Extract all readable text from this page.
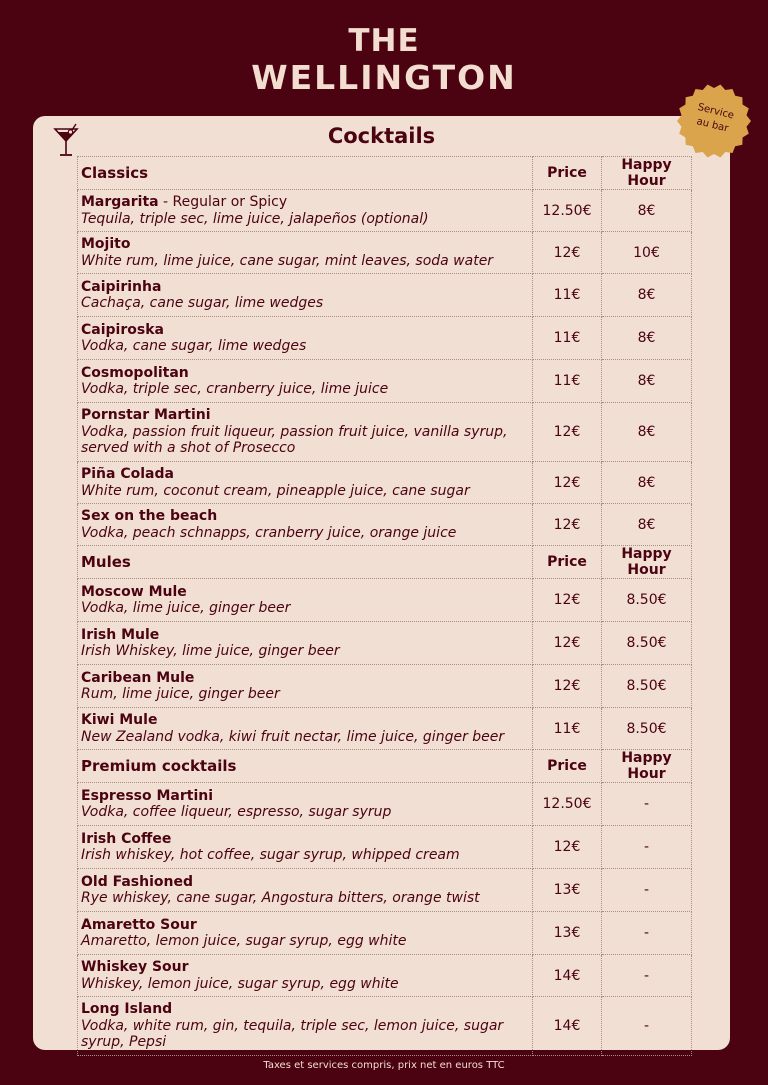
THE
WELLINGTON
Service
au bar
Cocktails
Classics	Price	Happy Hour
Margarita - Regular or Spicy
Tequila, triple sec, lime juice, jalapeños (optional)	12.50€	8€
Mojito
White rum, lime juice, cane sugar, mint leaves, soda water	12€	10€
Caipirinha
Cachaça, cane sugar, lime wedges	11€	8€
Caipiroska
Vodka, cane sugar, lime wedges	11€	8€
Cosmopolitan
Vodka, triple sec, cranberry juice, lime juice	11€	8€
Pornstar Martini
Vodka, passion fruit liqueur, passion fruit juice, vanilla syrup, served with a shot of Prosecco	12€	8€
Piña Colada
White rum, coconut cream, pineapple juice, cane sugar	12€	8€
Sex on the beach
Vodka, peach schnapps, cranberry juice, orange juice	12€	8€
Mules	Price	Happy Hour
Moscow Mule
Vodka, lime juice, ginger beer	12€	8.50€
Irish Mule
Irish Whiskey, lime juice, ginger beer	12€	8.50€
Caribean Mule
Rum, lime juice, ginger beer	12€	8.50€
Kiwi Mule
New Zealand vodka, kiwi fruit nectar, lime juice, ginger beer	11€	8.50€
Premium cocktails	Price	Happy Hour
Espresso Martini
Vodka, coffee liqueur, espresso, sugar syrup	12.50€	-
Irish Coffee
Irish whiskey, hot coffee, sugar syrup, whipped cream	12€	-
Old Fashioned
Rye whiskey, cane sugar, Angostura bitters, orange twist	13€	-
Amaretto Sour
Amaretto, lemon juice, sugar syrup, egg white	13€	-
Whiskey Sour
Whiskey, lemon juice, sugar syrup, egg white	14€	-
Long Island
Vodka, white rum, gin, tequila, triple sec, lemon juice, sugar syrup, Pepsi	14€	-
Taxes et services compris, prix net en euros TTC
